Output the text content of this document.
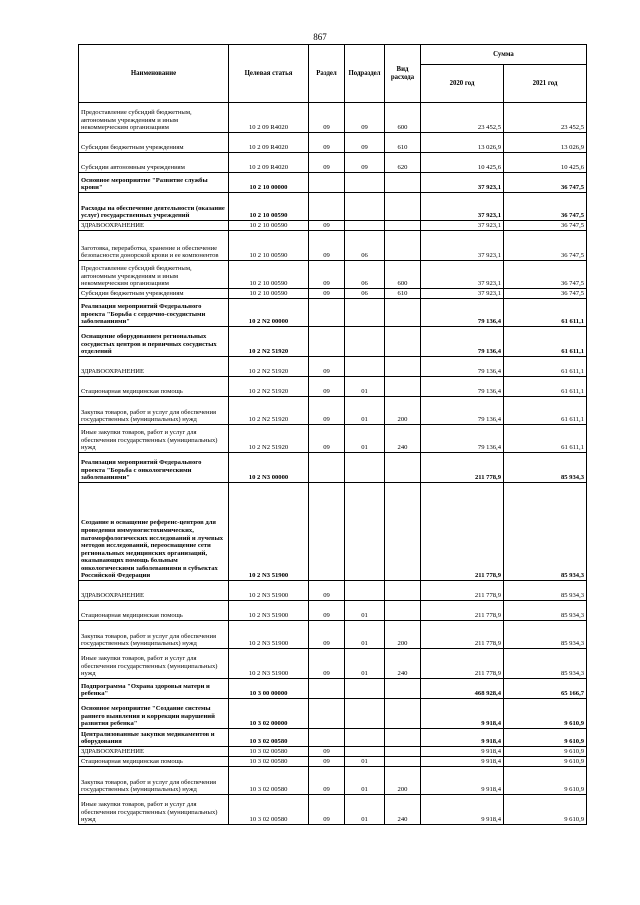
867
Наименование	Целевая статья	Раздел	Подраздел	Вид расхода	Сумма	
					2020 год	2021 год
Предоставление субсидий бюджетным, автономным учреждениям и иным некоммерческим организациям	10 2 09 R4020	09	09	600	23 452,5	23 452,5
Субсидии бюджетным учреждениям	10 2 09 R4020	09	09	610	13 026,9	13 026,9
Субсидии автономным учреждениям	10 2 09 R4020	09	09	620	10 425,6	10 425,6
Основное мероприятие "Развитие службы крови"	10 2 10 00000				37 923,1	36 747,5
Расходы на обеспечение деятельности (оказание услуг) государственных учреждений	10 2 10 00590				37 923,1	36 747,5
ЗДРАВООХРАНЕНИЕ	10 2 10 00590	09			37 923,1	36 747,5
Заготовка, переработка, хранение и обеспечение безопасности донорской крови и ее компонентов	10 2 10 00590	09	06		37 923,1	36 747,5
Предоставление субсидий бюджетным, автономным учреждениям и иным некоммерческим организациям	10 2 10 00590	09	06	600	37 923,1	36 747,5
Субсидии бюджетным учреждениям	10 2 10 00590	09	06	610	37 923,1	36 747,5
Реализация мероприятий Федерального проекта "Борьба с сердечно-сосудистыми заболеваниями"	10 2 N2 00000				79 136,4	61 611,1
Оснащение оборудованием региональных сосудистых центров и первичных сосудистых отделений	10 2 N2 51920				79 136,4	61 611,1
ЗДРАВООХРАНЕНИЕ	10 2 N2 51920	09			79 136,4	61 611,1
Стационарная медицинская помощь	10 2 N2 51920	09	01		79 136,4	61 611,1
Закупка товаров, работ и услуг для обеспечения государственных (муниципальных) нужд	10 2 N2 51920	09	01	200	79 136,4	61 611,1
Иные закупки товаров, работ и услуг для обеспечения государственных (муниципальных) нужд	10 2 N2 51920	09	01	240	79 136,4	61 611,1
Реализация мероприятий Федерального проекта "Борьба с онкологическими заболеваниями"	10 2 N3 00000				211 778,9	85 934,3
Создание и оснащение референс-центров для проведения иммуногистохимических, патоморфологических исследований и лучевых методов исследований, переоснащение сети региональных медицинских организаций, оказывающих помощь больным онкологическими заболеваниями в субъектах Российской Федерации	10 2 N3 51900				211 778,9	85 934,3
ЗДРАВООХРАНЕНИЕ	10 2 N3 51900	09			211 778,9	85 934,3
Стационарная медицинская помощь	10 2 N3 51900	09	01		211 778,9	85 934,3
Закупка товаров, работ и услуг для обеспечения государственных (муниципальных) нужд	10 2 N3 51900	09	01	200	211 778,9	85 934,3
Иные закупки товаров, работ и услуг для обеспечения государственных (муниципальных) нужд	10 2 N3 51900	09	01	240	211 778,9	85 934,3
Подпрограмма "Охрана здоровья матери и ребенка"	10 3 00 00000				468 928,4	65 166,7
Основное мероприятие "Создание системы раннего выявления и коррекции нарушений развития ребенка"	10 3 02 00000				9 918,4	9 610,9
Централизованные закупки медикаментов и оборудования	10 3 02 00580				9 918,4	9 610,9
ЗДРАВООХРАНЕНИЕ	10 3 02 00580	09			9 918,4	9 610,9
Стационарная медицинская помощь	10 3 02 00580	09	01		9 918,4	9 610,9
Закупка товаров, работ и услуг для обеспечения государственных (муниципальных) нужд	10 3 02 00580	09	01	200	9 918,4	9 610,9
Иные закупки товаров, работ и услуг для обеспечения государственных (муниципальных) нужд	10 3 02 00580	09	01	240	9 918,4	9 610,9
